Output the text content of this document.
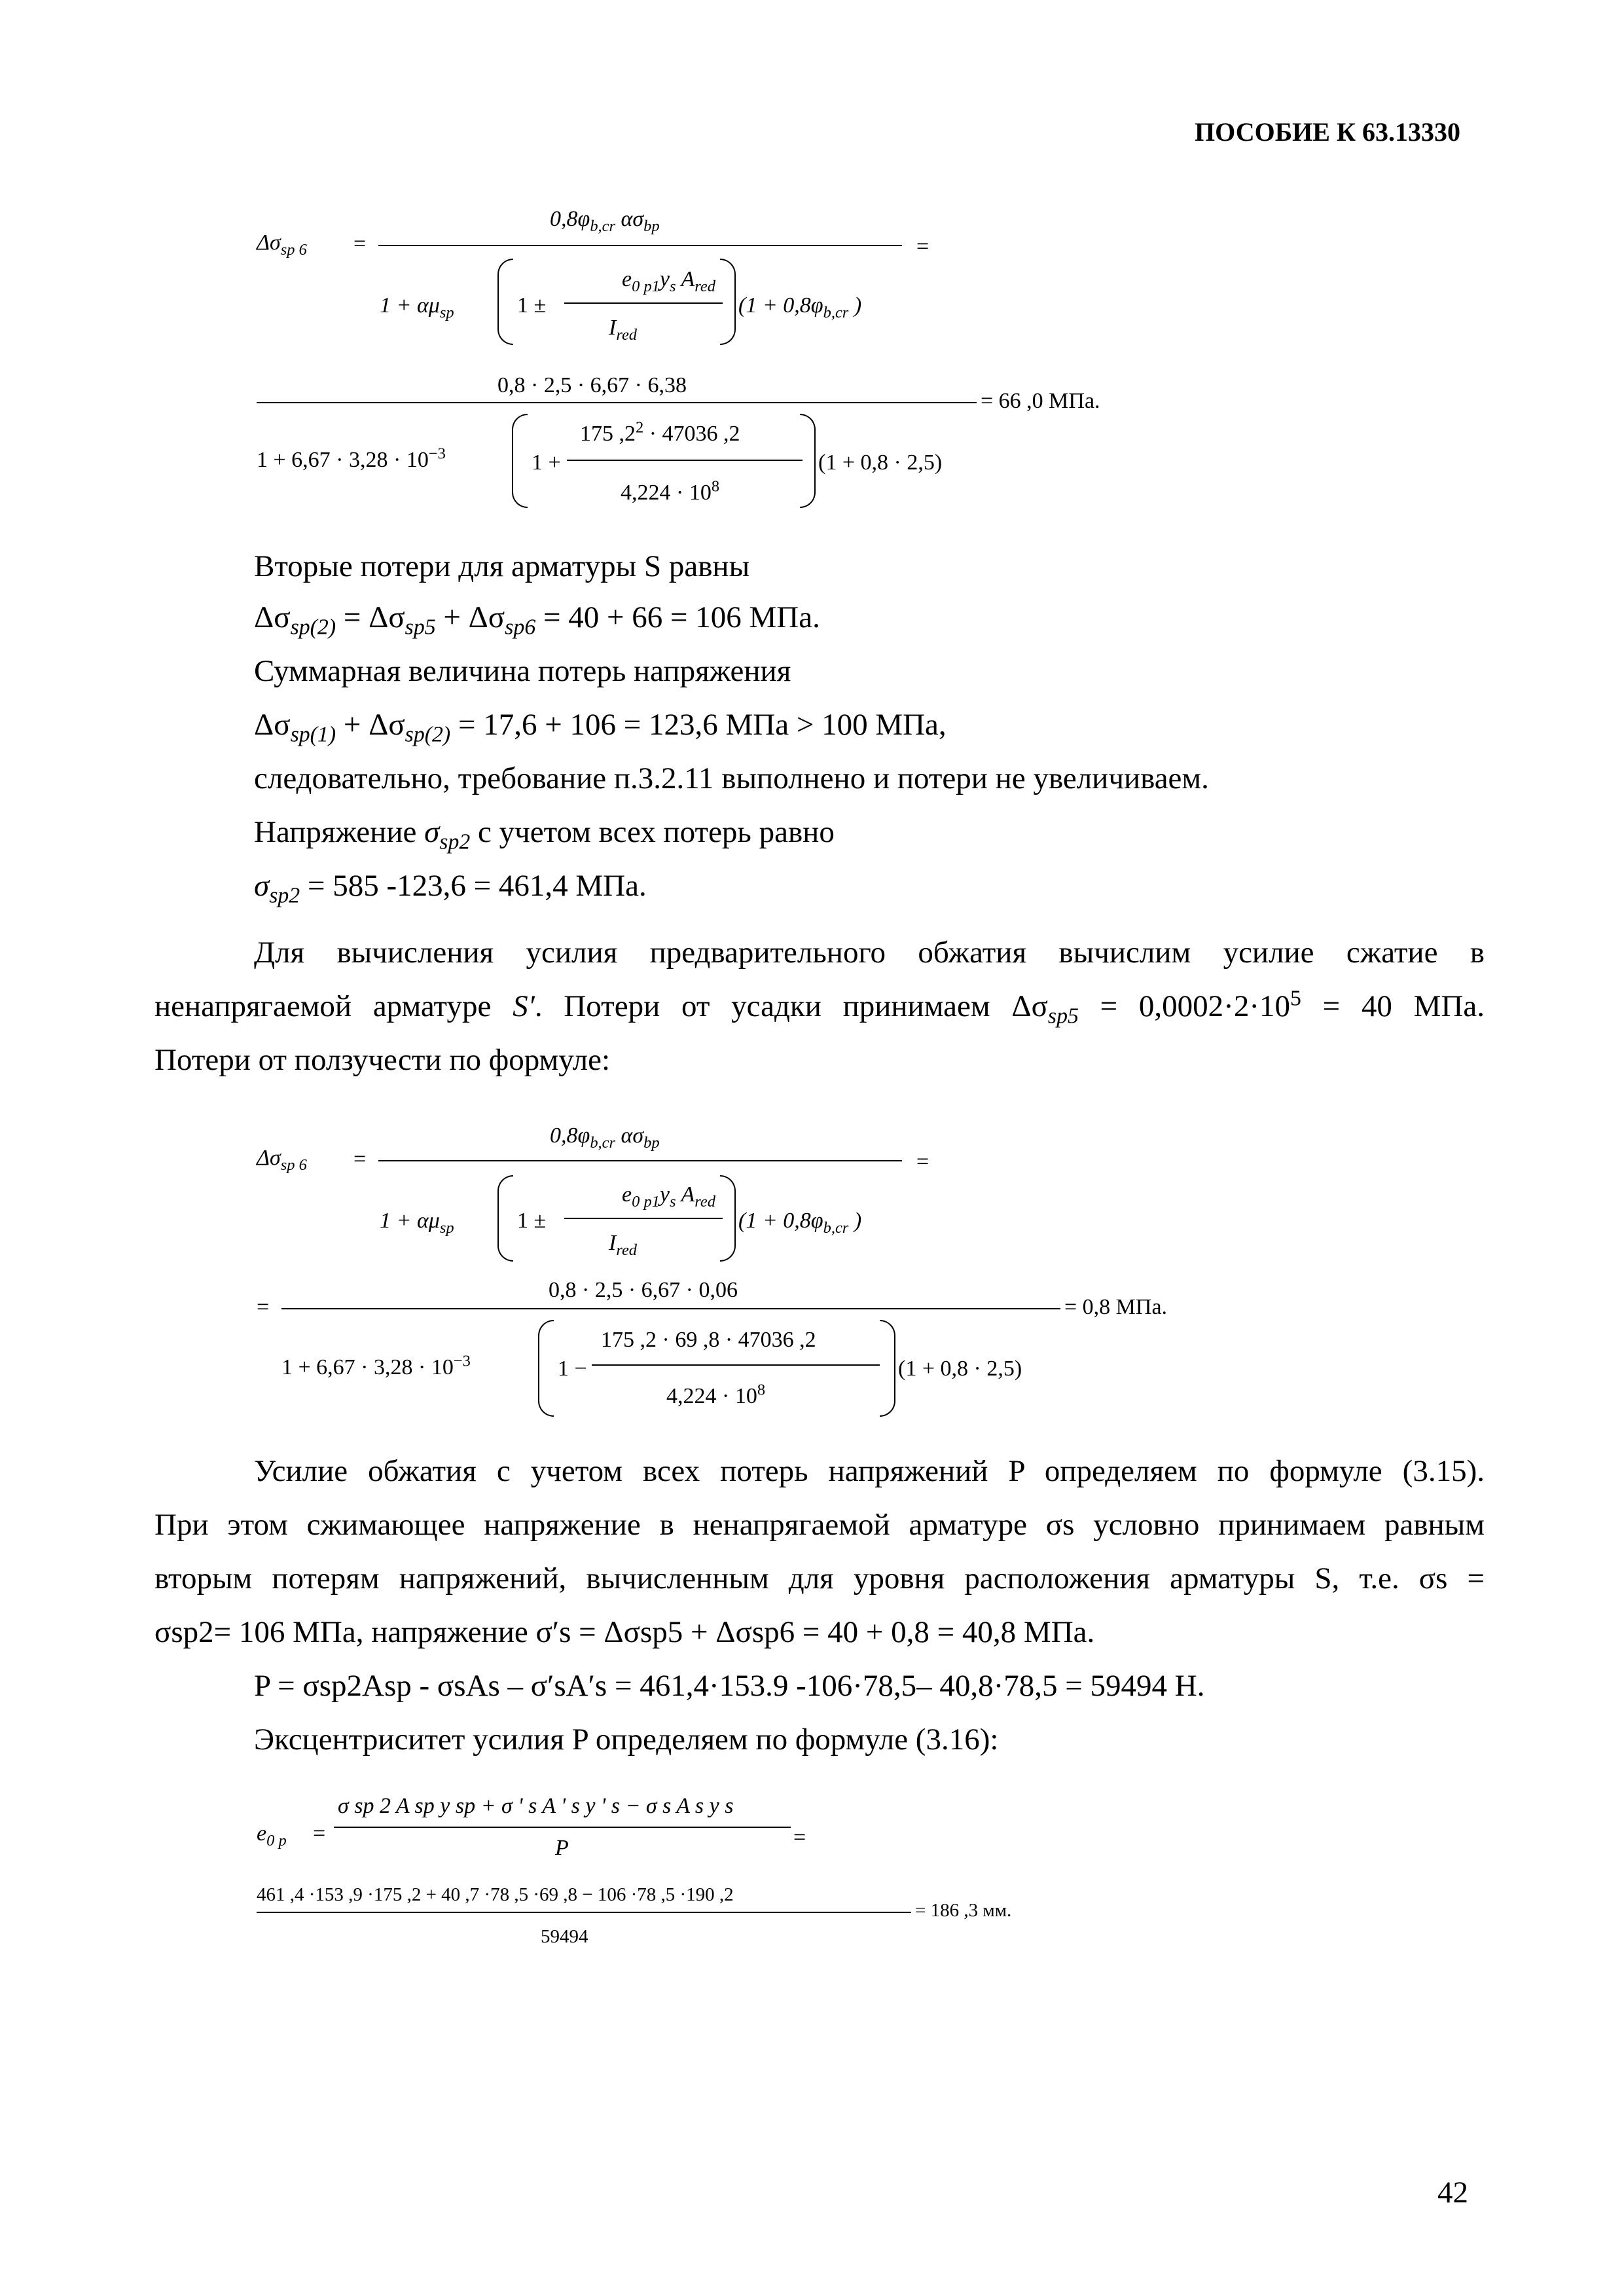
ПОСОБИЕ К 63.13330
$\Delta\sigma_{sp 6}$ =
$0,8\varphi_{b,cr}$ $\alpha\sigma_{bp}$
=
$1 + \alpha\mu_{sp}$	1 ±
$e_{0 p1}y_s$ $A_{red}$
$I_{red}$
($1 + 0,8\varphi_{b,cr}$ )
0,8 · 2,5 · 6,67 · 6,38
= 66 ,0 МПа.
$1 + 6,67 \cdot 3,28 \cdot 10^{-3}$	1 +
175 $,2^2 \cdot 47036$ ,2
$4,224 \cdot 10^8$
(1 + 0,8 · 2,5)
Вторые потери для арматуры S равны
$\Delta\sigma_{sp(2)} = \Delta\sigma_{sp5} + \Delta\sigma_{sp6} = 40 + 66 = 106$ МПа.
Суммарная величина потерь напряжения
$\Delta\sigma_{sp(1)} + \Delta\sigma_{sp(2)} = 17,6 + 106 = 123,6$ МПа > 100 МПа,
следовательно, требование п.3.2.11 выполнено и потери не увеличиваем.
Напряжение $\sigma_{sp2}$ с учетом всех потерь равно
$\sigma_{sp2} = 585$ -123,6 = 461,4 МПа.
Для вычисления усилия предварительного обжатия вычислим усилие сжатие в
ненапрягаемой арматуре S′. Потери от усадки принимаем $\Delta\sigma_{sp5} = 0,0002\cdot 2\cdot 10^5 = 40$ МПа.
Потери от ползучести по формуле:
$\Delta\sigma_{sp 6}$ =
$0,8\varphi_{b,cr}$ $\alpha\sigma_{bp}$
=
$1 + \alpha\mu_{sp}$	1 ±
$e_{0 p1}y_s$ $A_{red}$
$I_{red}$
($1 + 0,8\varphi_{b,cr}$ )
=
0,8 · 2,5 · 6,67 · 0,06
= 0,8 МПа.
$1 + 6,67 \cdot 3,28 \cdot 10^{-3}$	1 −
175 ,2 · 69 ,8 · 47036 ,2
$4,224 \cdot 10^8$
(1 + 0,8 · 2,5)
Усилие обжатия с учетом всех потерь напряжений P определяем по формуле (3.15).
При этом сжимающее напряжение в ненапрягаемой арматуре σs условно принимаем равным
вторым потерям напряжений, вычисленным для уровня расположения арматуры S, т.е. σs =
σsp2= 106 МПа, напряжение σ′s = Δσsp5 + Δσsp6 = 40 + 0,8 = 40,8 МПа.
P = σsp2Asp - σsAs – σ′sA′s = 461,4·153.9 -106·78,5– 40,8·78,5 = 59494 Н.
Эксцентриситет усилия P определяем по формуле (3.16):
$e_{0 p}$ =
σ sp 2 A sp y sp + σ ' s A ' s y ' s − σ s A s y s
P	=
461 ,4 ·153 ,9 ·175 ,2 + 40 ,7 ·78 ,5 ·69 ,8 − 106 ·78 ,5 ·190 ,2
= 186 ,3 мм.
59494
42
